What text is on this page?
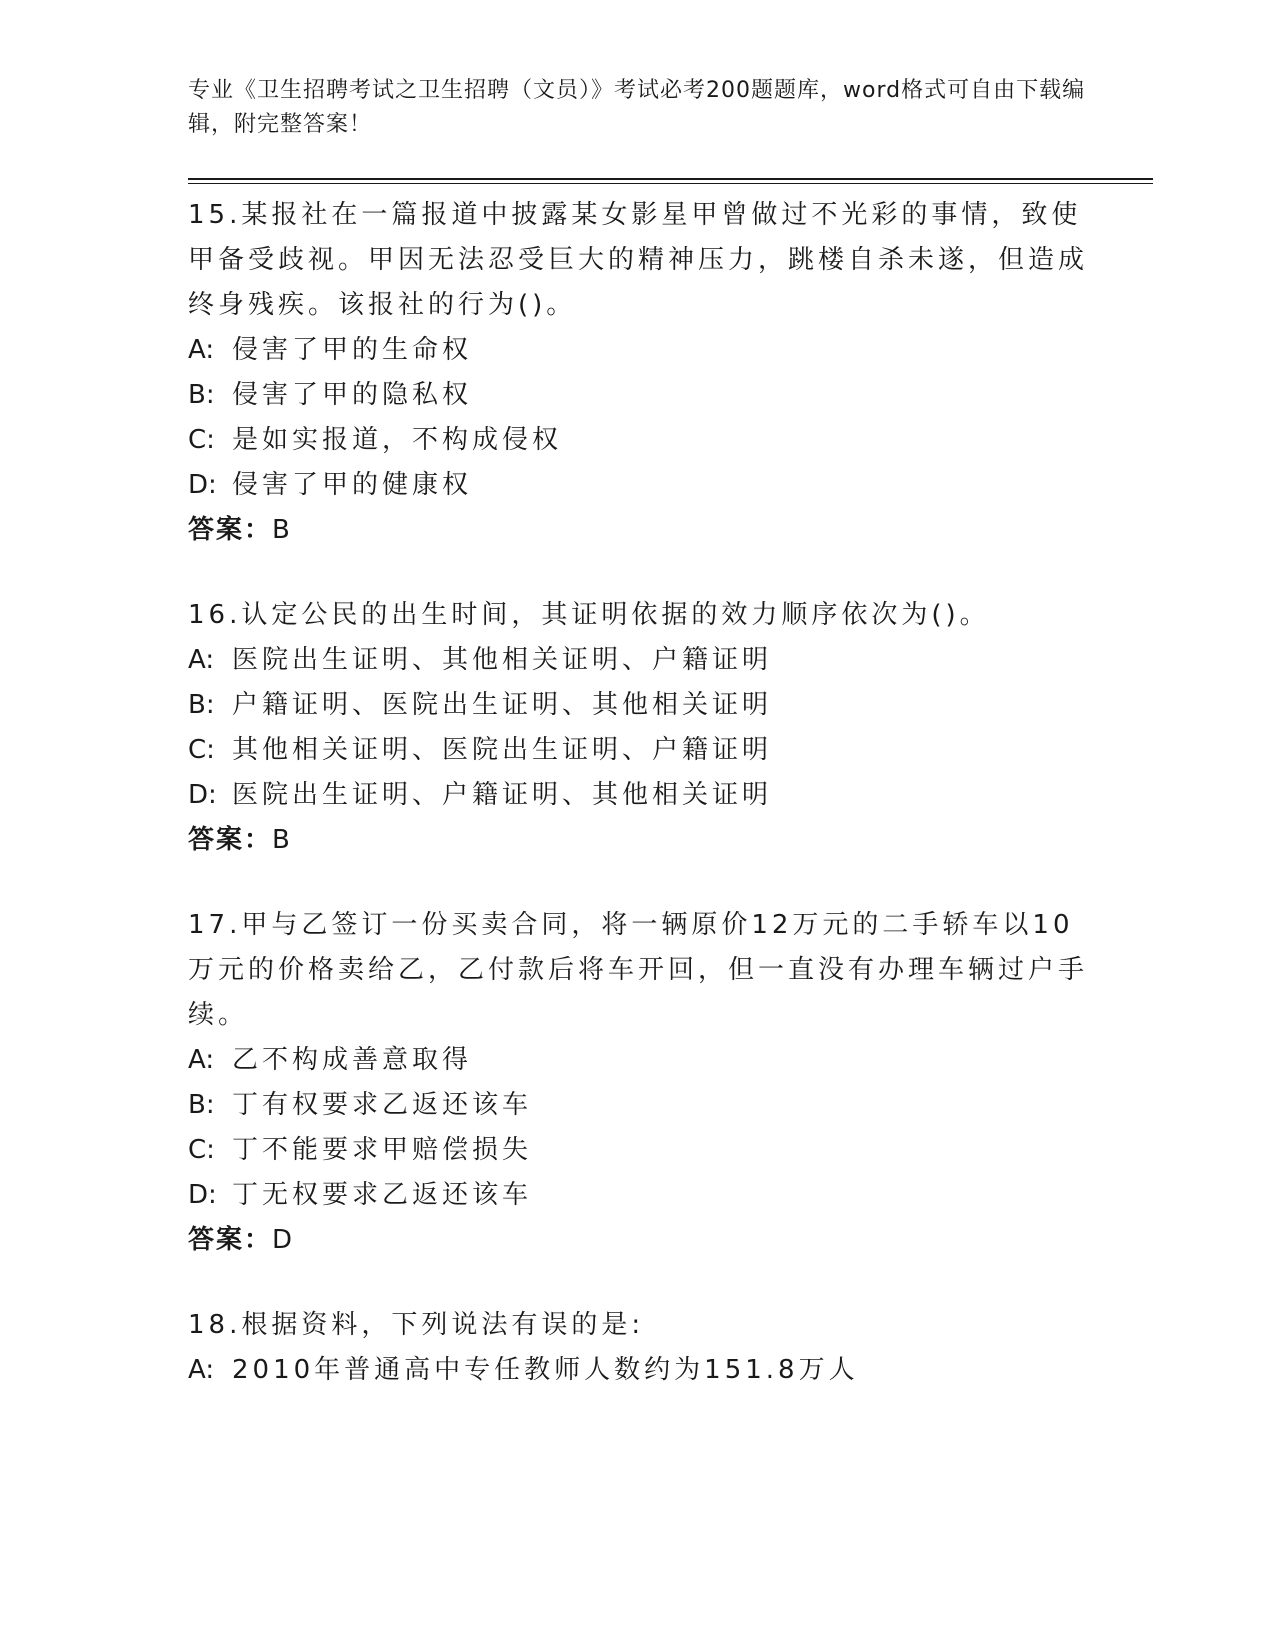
专业《卫生招聘考试之卫生招聘（文员）》考试必考200题题库，word格式可自由下载编辑，附完整答案！

15.某报社在一篇报道中披露某女影星甲曾做过不光彩的事情，致使甲备受歧视。甲因无法忍受巨大的精神压力，跳楼自杀未遂，但造成终身残疾。该报社的行为()。

A: 侵害了甲的生命权

B: 侵害了甲的隐私权

C: 是如实报道，不构成侵权

D: 侵害了甲的健康权

答案：B

16.认定公民的出生时间，其证明依据的效力顺序依次为()。

A: 医院出生证明、其他相关证明、户籍证明

B: 户籍证明、医院出生证明、其他相关证明

C: 其他相关证明、医院出生证明、户籍证明

D: 医院出生证明、户籍证明、其他相关证明

答案：B

17.甲与乙签订一份买卖合同，将一辆原价12万元的二手轿车以10万元的价格卖给乙，乙付款后将车开回，但一直没有办理车辆过户手续。

A: 乙不构成善意取得

B: 丁有权要求乙返还该车

C: 丁不能要求甲赔偿损失

D: 丁无权要求乙返还该车

答案：D

18.根据资料，下列说法有误的是:

A: 2010年普通高中专任教师人数约为151.8万人
